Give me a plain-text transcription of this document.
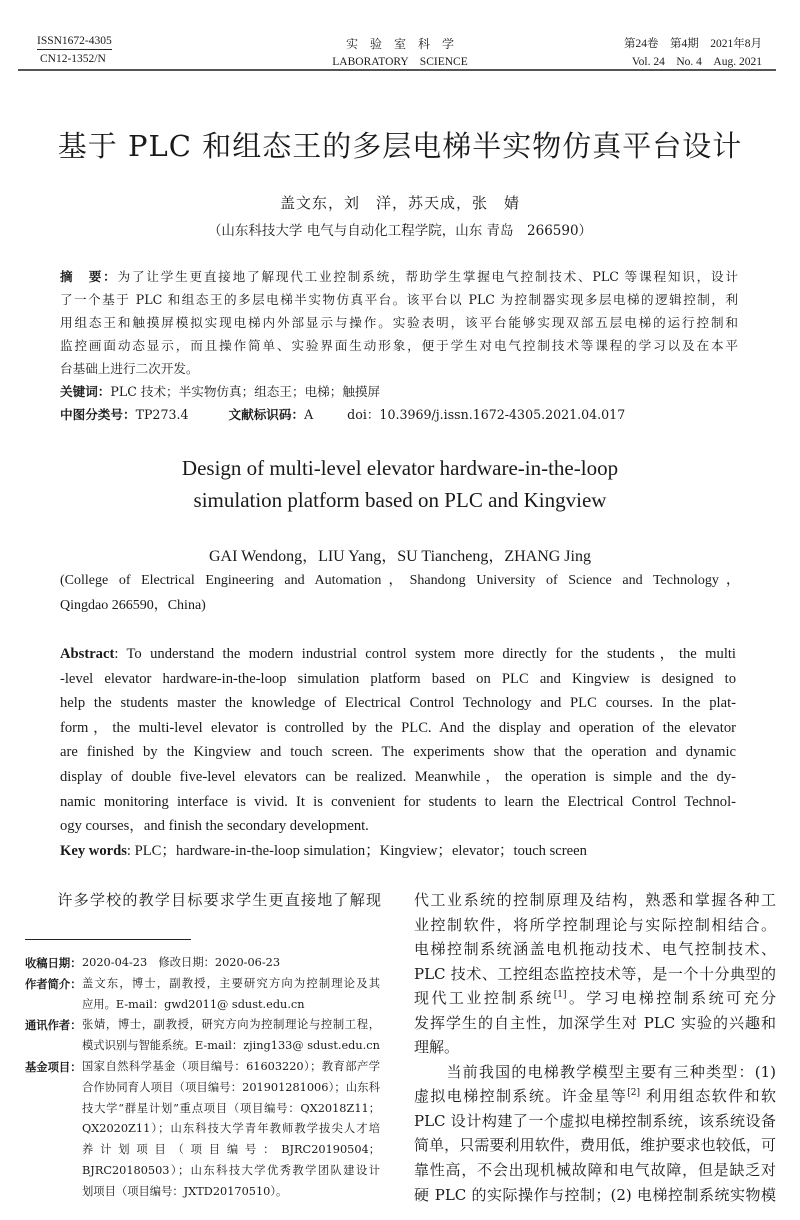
ISSN1672-4305
CN12-1352/N
实　验　室　科　学
LABORATORY　SCIENCE
第24卷　第4期　2021年8月
Vol. 24　No. 4　Aug. 2021
基于 PLC 和组态王的多层电梯半实物仿真平台设计
盖文东，刘　洋，苏天成，张　婧
（山东科技大学 电气与自动化工程学院，山东 青岛　266590）
摘　要：为了让学生更直接地了解现代工业控制系统，帮助学生掌握电气控制技术、PLC 等课程知识，设计
了一个基于 PLC 和组态王的多层电梯半实物仿真平台。该平台以 PLC 为控制器实现多层电梯的逻辑控制，利
用组态王和触摸屏模拟实现电梯内外部显示与操作。实验表明，该平台能够实现双部五层电梯的运行控制和
监控画面动态显示，而且操作简单、实验界面生动形象，便于学生对电气控制技术等课程的学习以及在本平
台基础上进行二次开发。
关键词：PLC 技术；半实物仿真；组态王；电梯；触摸屏
中图分类号：TP273.4	文献标识码：A	doi：10.3969/j.issn.1672-4305.2021.04.017
Design of multi-level elevator hardware-in-the-loop
simulation platform based on PLC and Kingview
GAI Wendong，LIU Yang，SU Tiancheng，ZHANG Jing
(College of Electrical Engineering and Automation，Shandong University of Science and Technology，
Qingdao 266590，China)
Abstract: To understand the modern industrial control system more directly for the students，the multi
-level elevator hardware-in-the-loop simulation platform based on PLC and Kingview is designed to
help the students master the knowledge of Electrical Control Technology and PLC courses. In the plat-
form，the multi-level elevator is controlled by the PLC. And the display and operation of the elevator
are finished by the Kingview and touch screen. The experiments show that the operation and dynamic
display of double five-level elevators can be realized. Meanwhile，the operation is simple and the dy-
namic monitoring interface is vivid. It is convenient for students to learn the Electrical Control Technol-
ogy courses，and finish the secondary development.
Key words: PLC；hardware-in-the-loop simulation；Kingview；elevator；touch screen
　　许多学校的教学目标要求学生更直接地了解现
收稿日期： 2020-04-23　修改日期：2020-06-23
作者简介： 盖文东，博士，副教授，主要研究方向为控制理论及其
应用。E-mail：gwd2011@ sdust.edu.cn
通讯作者： 张婧，博士，副教授，研究方向为控制理论与控制工程，
模式识别与智能系统。E-mail：zjing133@ sdust.edu.cn
基金项目： 国家自然科学基金（项目编号：61603220）；教育部产学
合作协同育人项目（项目编号：201901281006）；山东科
技大学“群星计划”重点项目（项目编号：QX2018Z11；
QX2020Z11）；山东科技大学青年教师教学拔尖人才培
养计划项目（项目编号：BJRC20190504；
BJRC20180503）；山东科技大学优秀教学团队建设计
划项目（项目编号：JXTD20170510）。
代工业系统的控制原理及结构，熟悉和掌握各种工
业控制软件，将所学控制理论与实际控制相结合。
电梯控制系统涵盖电机拖动技术、电气控制技术、
PLC 技术、工控组态监控技术等，是一个十分典型的
现代工业控制系统[1]。学习电梯控制系统可充分
发挥学生的自主性，加深学生对 PLC 实验的兴趣和
理解。
　　当前我国的电梯教学模型主要有三种类型：(1)
虚拟电梯控制系统。许金星等[2] 利用组态软件和软
PLC 设计构建了一个虚拟电梯控制系统，该系统设备
简单，只需要利用软件，费用低，维护要求也较低，可
靠性高，不会出现机械故障和电气故障，但是缺乏对
硬 PLC 的实际操作与控制；(2) 电梯控制系统实物模
